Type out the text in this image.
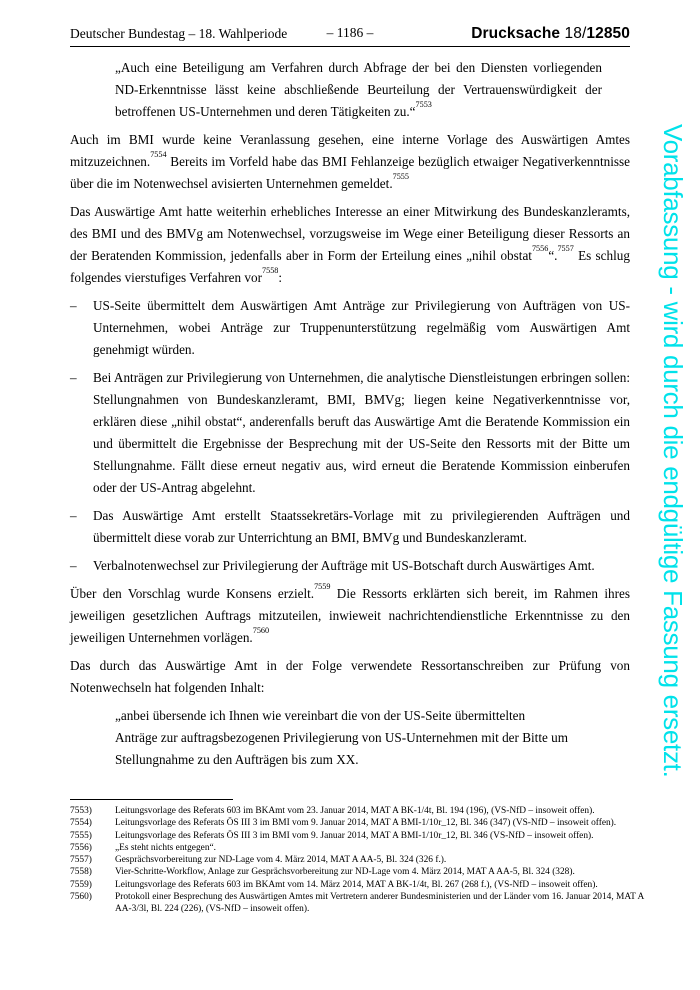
Vorabfassung - wird durch die endgültige Fassung ersetzt.
Deutscher Bundestag – 18. Wahlperiode	– 1186 –	Drucksache 18/12850

„Auch eine Beteiligung am Verfahren durch Abfrage der bei den Diensten vorliegenden ND-Erkenntnisse lässt keine abschließende Beurteilung der Vertrauenswürdigkeit der betroffenen US-Unternehmen und deren Tätigkeiten zu.“$^{7553}$

Auch im BMI wurde keine Veranlassung gesehen, eine interne Vorlage des Auswärtigen Amtes mitzuzeichnen.$^{7554}$ Bereits im Vorfeld habe das BMI Fehlanzeige bezüglich etwaiger Negativerkenntnisse über die im Notenwechsel avisierten Unternehmen gemeldet.$^{7555}$

Das Auswärtige Amt hatte weiterhin erhebliches Interesse an einer Mitwirkung des Bundeskanzleramts, des BMI und des BMVg am Notenwechsel, vorzugsweise im Wege einer Beteiligung dieser Ressorts an der Beratenden Kommission, jedenfalls aber in Form der Erteilung eines „nihil obstat$^{7556}$“.$^{7557}$ Es schlug folgendes vierstufiges Verfahren vor$^{7558}$:

–	US-Seite übermittelt dem Auswärtigen Amt Anträge zur Privilegierung von Aufträgen von US-Unternehmen, wobei Anträge zur Truppenunterstützung regelmäßig vom Auswärtigen Amt genehmigt würden.
–	Bei Anträgen zur Privilegierung von Unternehmen, die analytische Dienstleistungen erbringen sollen: Stellungnahmen von Bundeskanzleramt, BMI, BMVg; liegen keine Negativerkenntnisse vor, erklären diese „nihil obstat“, anderenfalls beruft das Auswärtige Amt die Beratende Kommission ein und übermittelt die Ergebnisse der Besprechung mit der US-Seite den Ressorts mit der Bitte um Stellungnahme. Fällt diese erneut negativ aus, wird erneut die Beratende Kommission einberufen oder der US-Antrag abgelehnt.
–	Das Auswärtige Amt erstellt Staatssekretärs-Vorlage mit zu privilegierenden Aufträgen und übermittelt diese vorab zur Unterrichtung an BMI, BMVg und Bundeskanzleramt.
–	Verbalnotenwechsel zur Privilegierung der Aufträge mit US-Botschaft durch Auswärtiges Amt.

Über den Vorschlag wurde Konsens erzielt.$^{7559}$ Die Ressorts erklärten sich bereit, im Rahmen ihres jeweiligen gesetzlichen Auftrags mitzuteilen, inwieweit nachrichtendienstliche Erkenntnisse zu den jeweiligen Unternehmen vorlägen.$^{7560}$

Das durch das Auswärtige Amt in der Folge verwendete Ressortanschreiben zur Prüfung von Notenwechseln hat folgenden Inhalt:

„anbei übersende ich Ihnen wie vereinbart die von der US-Seite übermittelten Anträge zur auftragsbezogenen Privilegierung von US-Unternehmen mit der Bitte um Stellungnahme zu den Aufträgen bis zum XX.

7553)	Leitungsvorlage des Referats 603 im BKAmt vom 23. Januar 2014, MAT A BK-1/4t, Bl. 194 (196), (VS-NfD – insoweit offen).
7554)	Leitungsvorlage des Referats ÖS III 3 im BMI vom 9. Januar 2014, MAT A BMI-1/10r_12, Bl. 346 (347) (VS-NfD – insoweit offen).
7555)	Leitungsvorlage des Referats ÖS III 3 im BMI vom 9. Januar 2014, MAT A BMI-1/10r_12, Bl. 346 (VS-NfD – insoweit offen).
7556)	„Es steht nichts entgegen“.
7557)	Gesprächsvorbereitung zur ND-Lage vom 4. März 2014, MAT A AA-5, Bl. 324 (326 f.).
7558)	Vier-Schritte-Workflow, Anlage zur Gesprächsvorbereitung zur ND-Lage vom 4. März 2014, MAT A AA-5, Bl. 324 (328).
7559)	Leitungsvorlage des Referats 603 im BKAmt vom 14. März 2014, MAT A BK-1/4t, Bl. 267 (268 f.), (VS-NfD – insoweit offen).
7560)	Protokoll einer Besprechung des Auswärtigen Amtes mit Vertretern anderer Bundesministerien und der Länder vom 16. Januar 2014, MAT A AA-3/3l, Bl. 224 (226), (VS-NfD – insoweit offen).
